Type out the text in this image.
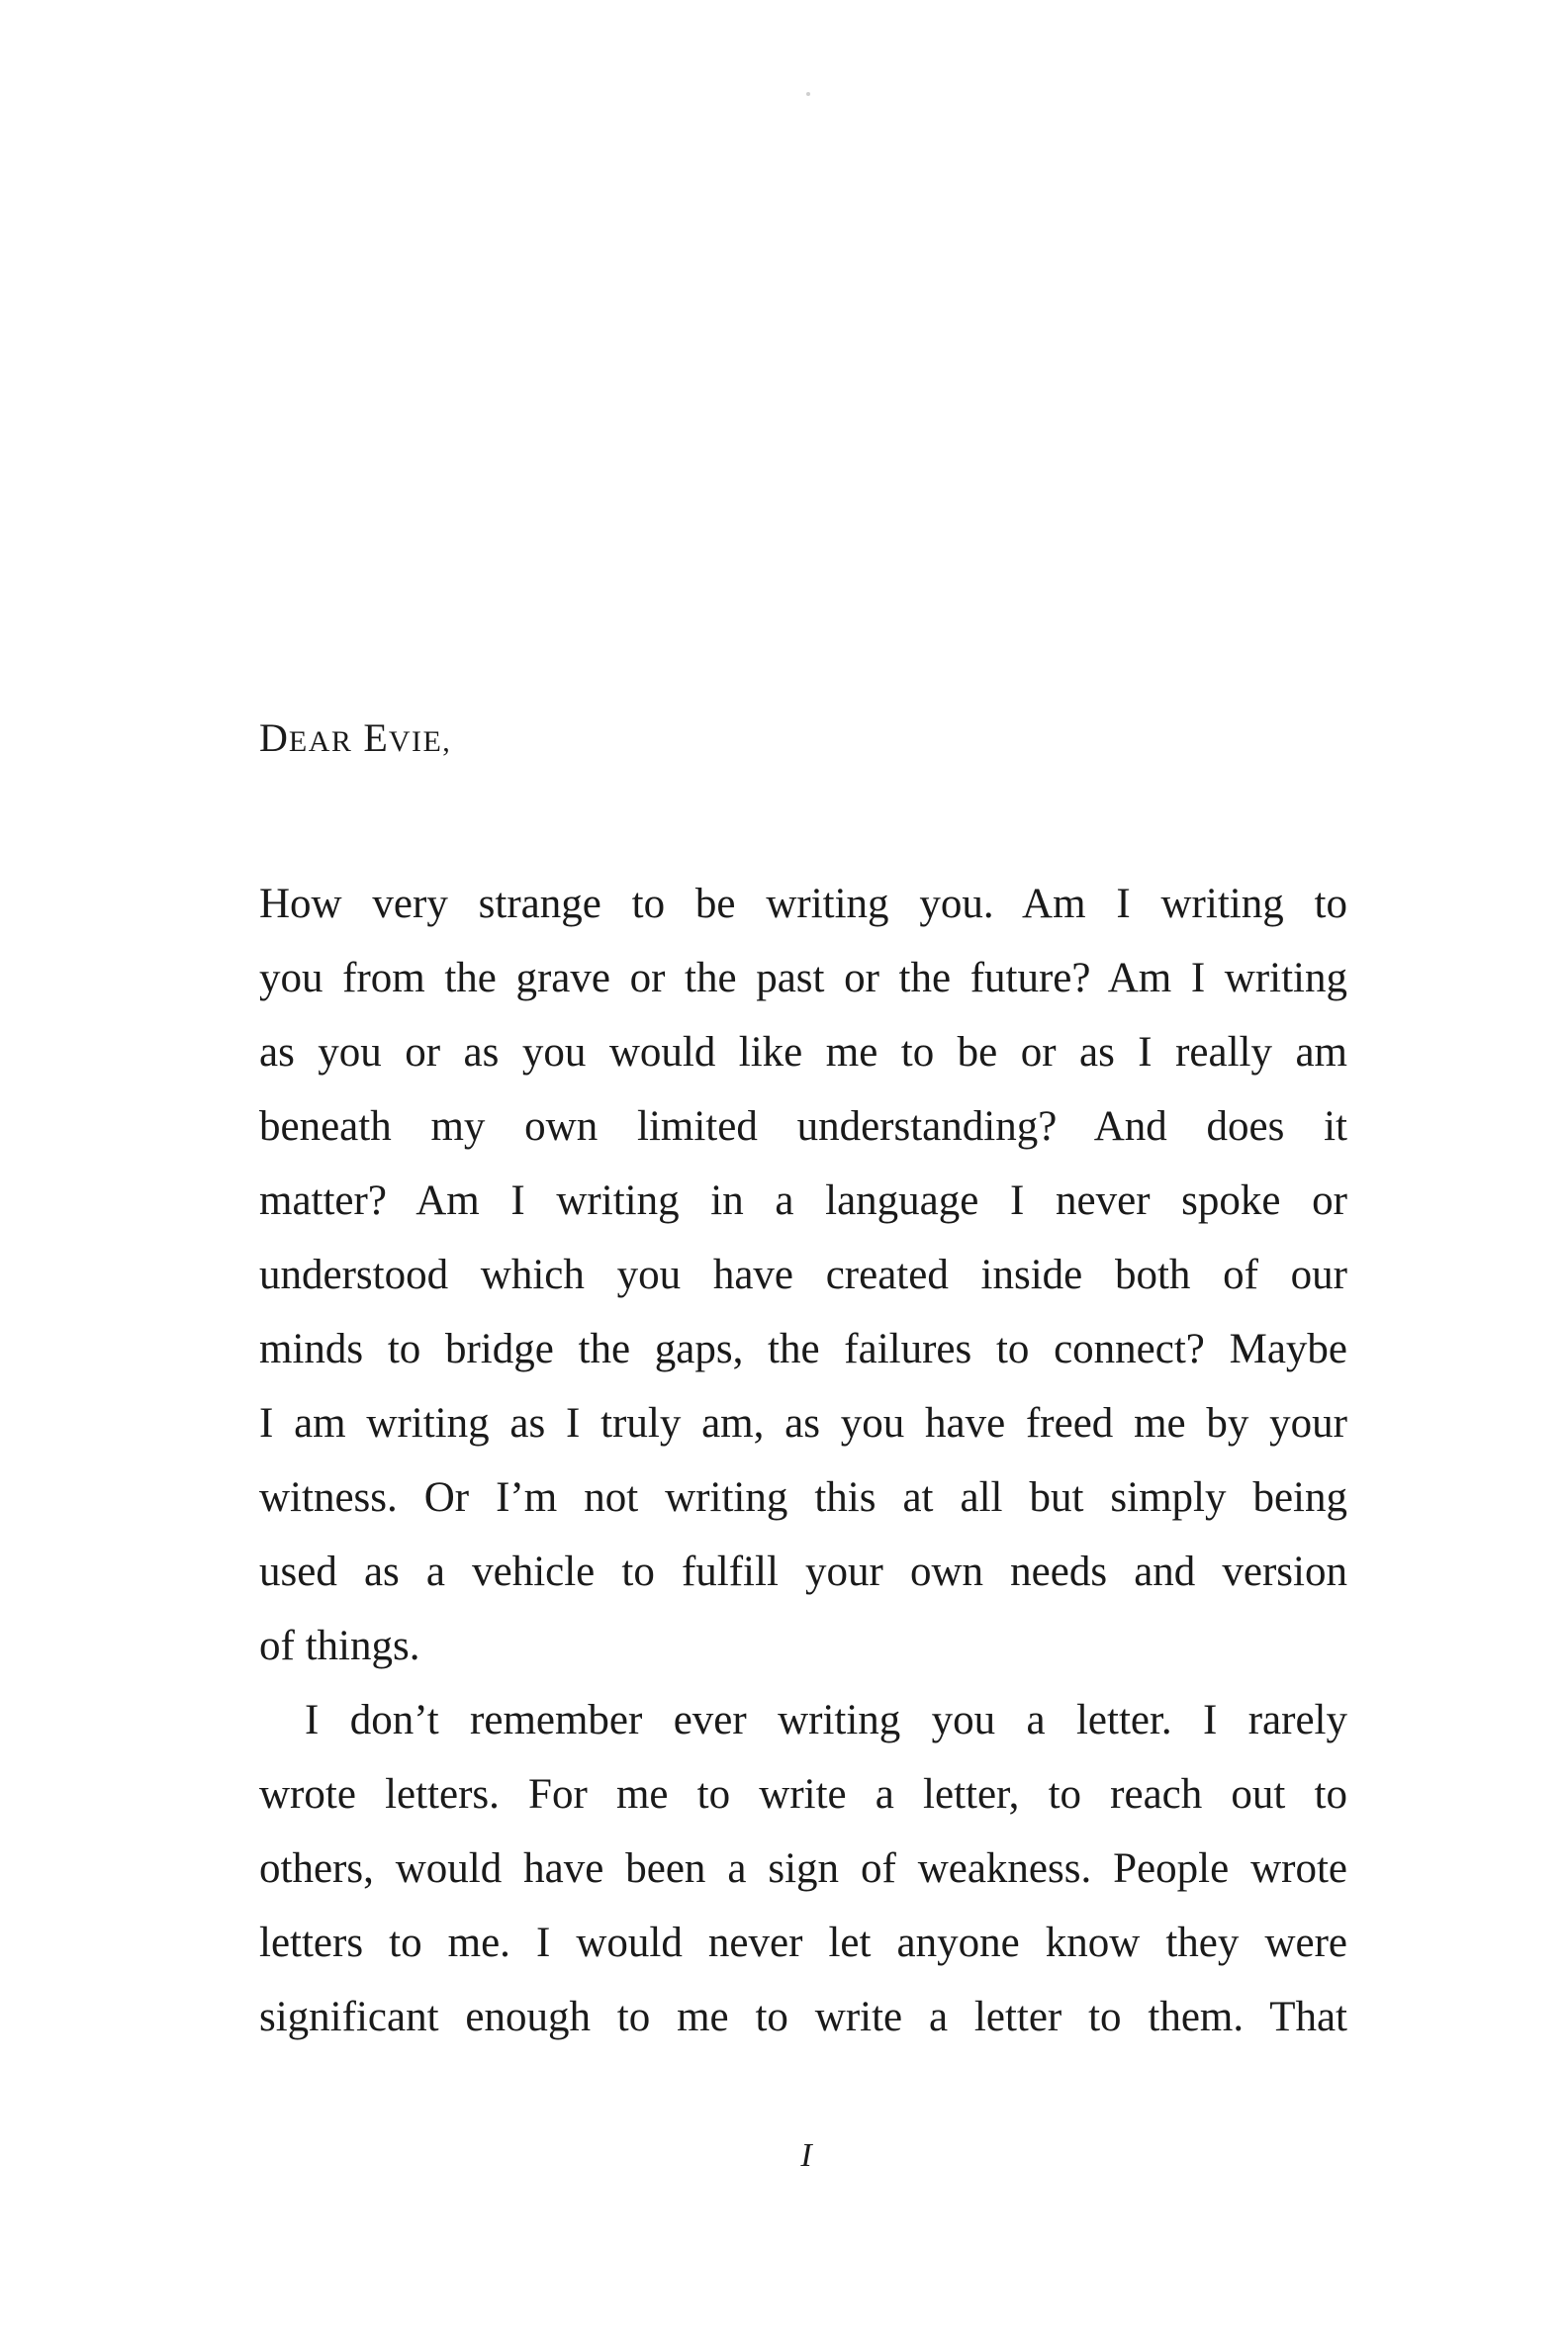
DEAR EVIE,
How very strange to be writing you. Am I writing to
you from the grave or the past or the future? Am I writing
as you or as you would like me to be or as I really am
beneath my own limited understanding? And does it
matter? Am I writing in a language I never spoke or
understood which you have created inside both of our
minds to bridge the gaps, the failures to connect? Maybe
I am writing as I truly am, as you have freed me by your
witness. Or I’m not writing this at all but simply being
used as a vehicle to fulfill your own needs and version
of things.
I don’t remember ever writing you a letter. I rarely
wrote letters. For me to write a letter, to reach out to
others, would have been a sign of weakness. People wrote
letters to me. I would never let anyone know they were
significant enough to me to write a letter to them. That
I
